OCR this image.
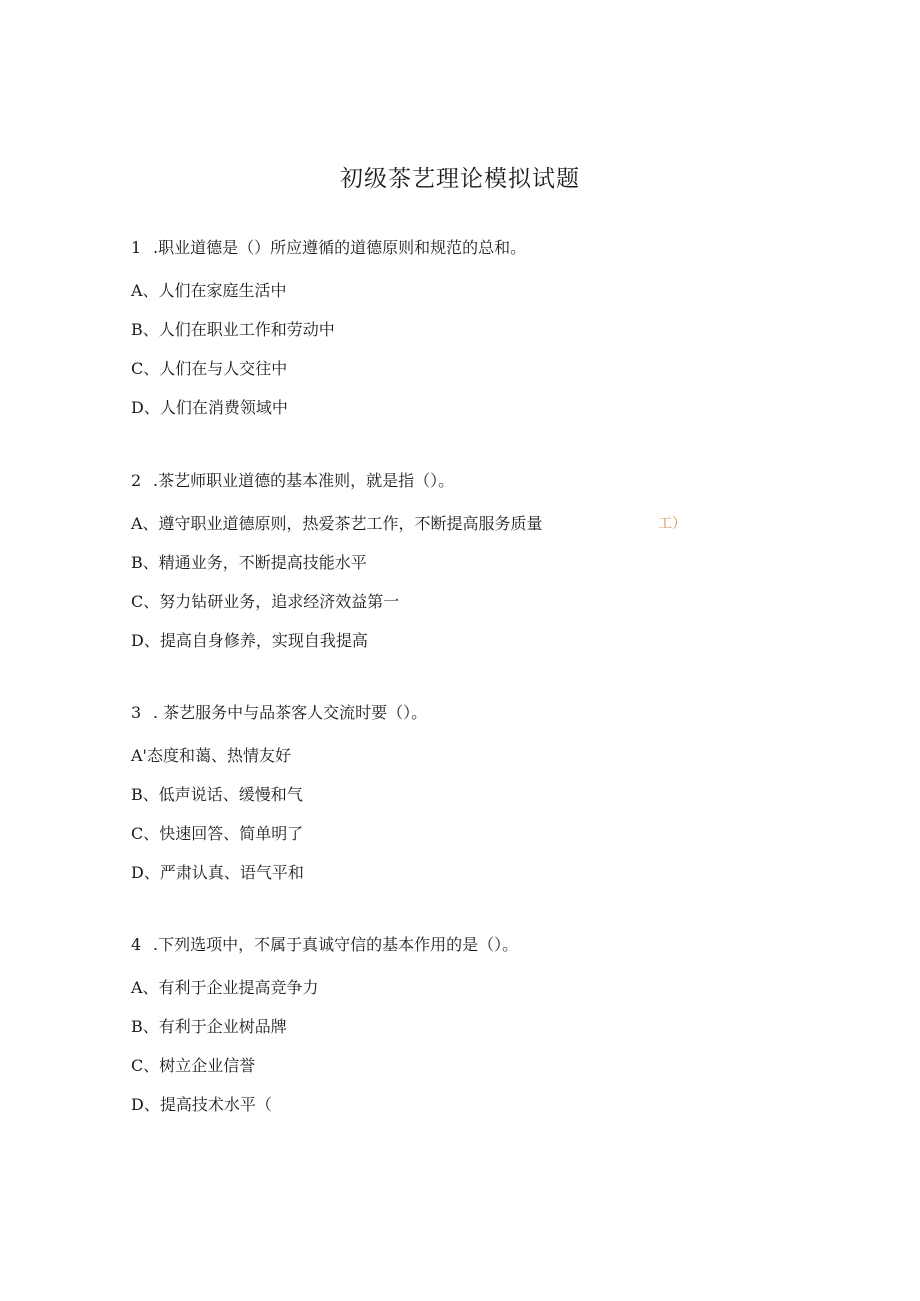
初级茶艺理论模拟试题
1 .职业道德是（）所应遵循的道德原则和规范的总和。
A、人们在家庭生活中
B、人们在职业工作和劳动中
C、人们在与人交往中
D、人们在消费领域中
2 .茶艺师职业道德的基本准则，就是指（）。
A、遵守职业道德原则，热爱茶艺工作，不断提高服务质量	工）
B、精通业务，不断提高技能水平
C、努力钻研业务，追求经济效益第一
D、提高自身修养，实现自我提高
3 . 茶艺服务中与品茶客人交流时要（）。
A'态度和蔼、热情友好
B、低声说话、缓慢和气
C、快速回答、简单明了
D、严肃认真、语气平和
4 .下列选项中，不属于真诚守信的基本作用的是（）。
A、有利于企业提高竞争力
B、有利于企业树品牌
C、树立企业信誉
D、提高技术水平（
